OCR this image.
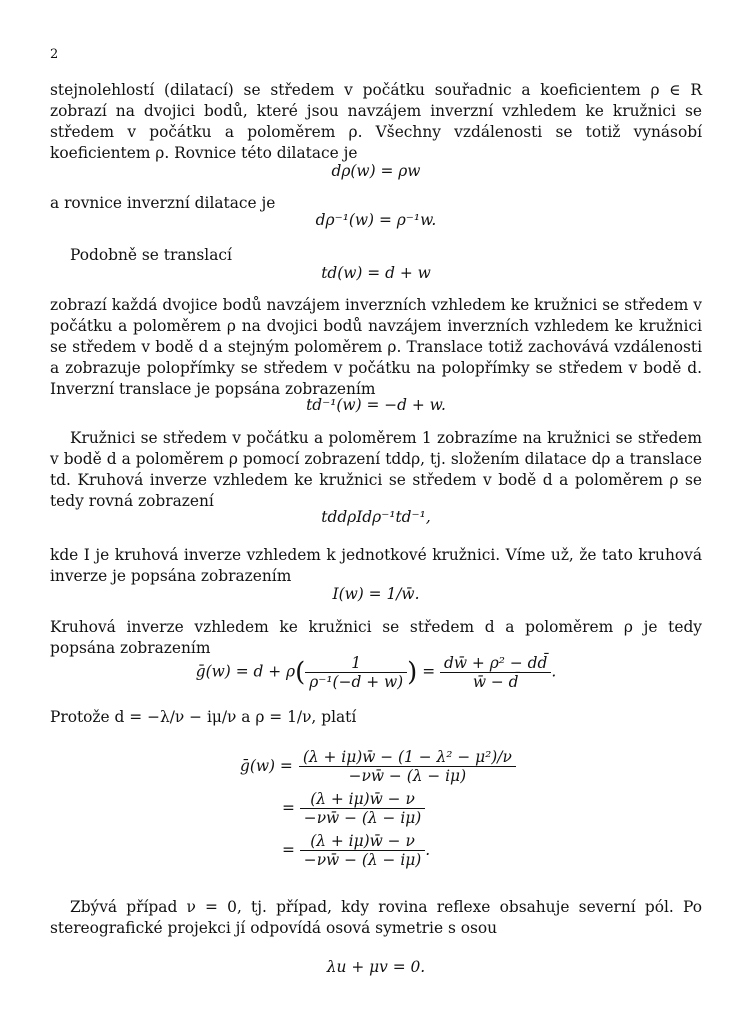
2

stejnolehlostí (dilatací) se středem v počátku souřadnic a koeficientem ρ ∈ R zobrazí na dvojici bodů, které jsou navzájem inverzní vzhledem ke kružnici se středem v počátku a poloměrem ρ. Všechny vzdálenosti se totiž vynásobí koeficientem ρ. Rovnice této dilatace je

dρ(w) = ρw

a rovnice inverzní dilatace je

dρ⁻¹(w) = ρ⁻¹w.

Podobně se translací

td(w) = d + w

zobrazí každá dvojice bodů navzájem inverzních vzhledem ke kružnici se středem v počátku a poloměrem ρ na dvojici bodů navzájem inverzních vzhledem ke kružnici se středem v bodě d a stejným poloměrem ρ. Translace totiž zachovává vzdálenosti a zobrazuje polopřímky se středem v počátku na polopřímky se středem v bodě d. Inverzní translace je popsána zobrazením

td⁻¹(w) = −d + w.

Kružnici se středem v počátku a poloměrem 1 zobrazíme na kružnici se středem v bodě d a poloměrem ρ pomocí zobrazení tddρ, tj. složením dilatace dρ a translace td. Kruhová inverze vzhledem ke kružnici se středem v bodě d a poloměrem ρ se tedy rovná zobrazení

tddρIdρ⁻¹td⁻¹,

kde I je kruhová inverze vzhledem k jednotkové kružnici. Víme už, že tato kruhová inverze je popsána zobrazením

I(w) = 1/w̄.

Kruhová inverze vzhledem ke kružnici se středem d a poloměrem ρ je tedy popsána zobrazením

ḡ(w) = $d + \rho( \frac{1}{\text{ρ⁻¹(−d + w)}}$ ) = $\frac{\text{dw̄ + ρ² − dd̄}}{w̄ - d̄}$ .

Protože d = −λ/ν − iμ/ν a ρ = 1/ν, platí

ḡ(w) = $\frac{\text{(λ + iμ)w̄ − (1 − λ² − μ²)/ν}}{-\nu w̄ - (\lambda - i\mu)}$
= $\frac{(\lambda + i\mu)w̄ - \nu}{-\nu w̄ - (\lambda - i\mu)}$
= $\frac{(\lambda + i\mu)w̄ - \nu}{-\nu w̄ - (\lambda - i\mu)}$ .

Zbývá případ ν = 0, tj. případ, kdy rovina reflexe obsahuje severní pól. Po stereografické projekci jí odpovídá osová symetrie s osou

λu + μv = 0.
